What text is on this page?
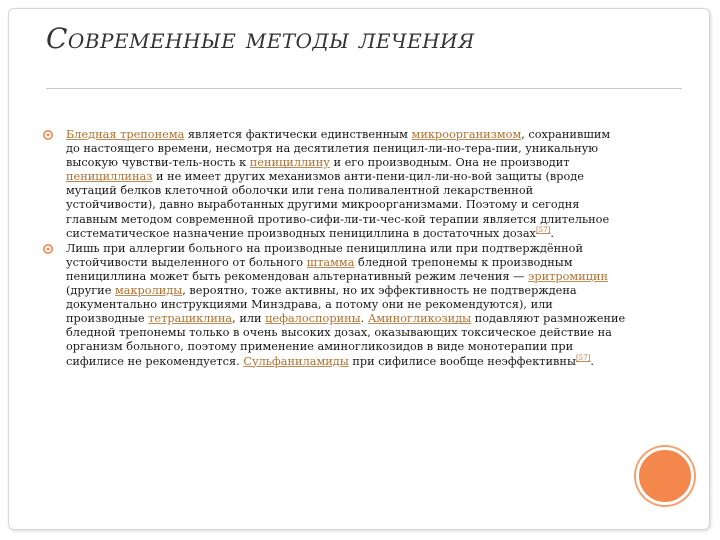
Современные методы лечения

Бледная трепонема является фактически единственным микроорганизмом, сохранившим до настоящего времени, несмотря на десятилетия пеницил-ли-но-тера-пии, уникальную высокую чувстви-тель-ность к пенициллину и его производным. Она не производит пенициллиназ и не имеет других механизмов анти-пени-цил-ли-но-вой защиты (вроде мутаций белков клеточной оболочки или гена поливалентной лекарственной устойчивости), давно выработанных другими микроорганизмами. Поэтому и сегодня главным методом современной противо-сифи-ли-ти-чес-кой терапии является длительное систематическое назначение производных пенициллина в достаточных дозах[57].

Лишь при аллергии больного на производные пенициллина или при подтверждённой устойчивости выделенного от больного штамма бледной трепонемы к производным пенициллина может быть рекомендован альтернативный режим лечения — эритромицин (другие макролиды, вероятно, тоже активны, но их эффективность не подтверждена документально инструкциями Минздрава, а потому они не рекомендуются), или производные тетрациклина, или цефалоспорины. Аминогликозиды подавляют размножение бледной трепонемы только в очень высоких дозах, оказывающих токсическое действие на организм больного, поэтому применение аминогликозидов в виде монотерапии при сифилисе не рекомендуется. Сульфаниламиды при сифилисе вообще неэффективны[57].
